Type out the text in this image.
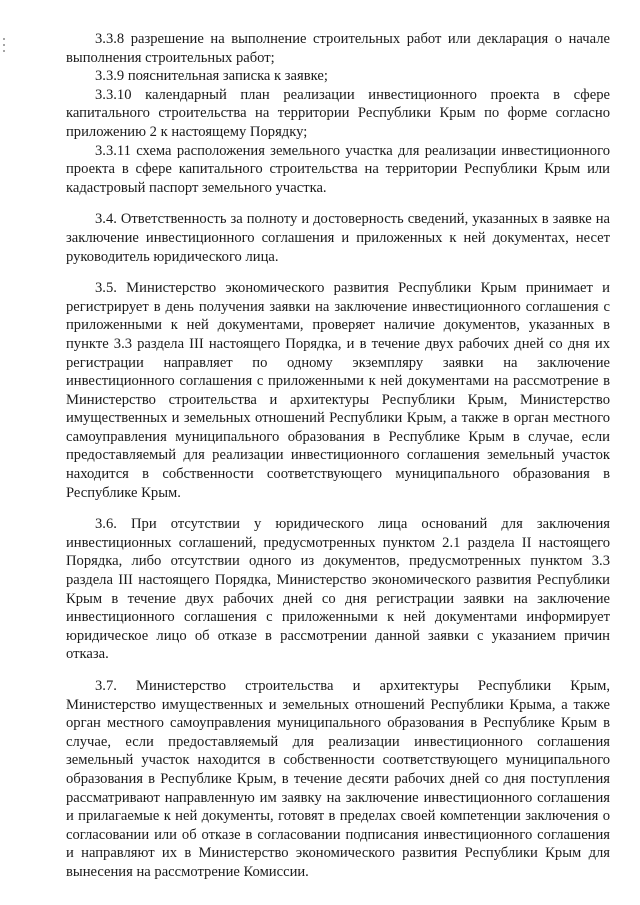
3.3.8 разрешение на выполнение строительных работ или декларация о начале выполнения строительных работ;

3.3.9 пояснительная записка к заявке;

3.3.10 календарный план реализации инвестиционного проекта в сфере капитального строительства на территории Республики Крым по форме согласно приложению 2 к настоящему Порядку;

3.3.11 схема расположения земельного участка для реализации инвестиционного проекта в сфере капитального строительства на территории Республики Крым или кадастровый паспорт земельного участка.

3.4. Ответственность за полноту и достоверность сведений, указанных в заявке на заключение инвестиционного соглашения и приложенных к ней документах, несет руководитель юридического лица.

3.5. Министерство экономического развития Республики Крым принимает и регистрирует в день получения заявки на заключение инвестиционного соглашения с приложенными к ней документами, проверяет наличие документов, указанных в пункте 3.3 раздела III настоящего Порядка, и в течение двух рабочих дней со дня их регистрации направляет по одному экземпляру заявки на заключение инвестиционного соглашения с приложенными к ней документами на рассмотрение в Министерство строительства и архитектуры Республики Крым, Министерство имущественных и земельных отношений Республики Крым, а также в орган местного самоуправления муниципального образования в Республике Крым в случае, если предоставляемый для реализации инвестиционного соглашения земельный участок находится в собственности соответствующего муниципального образования в Республике Крым.

3.6. При отсутствии у юридического лица оснований для заключения инвестиционных соглашений, предусмотренных пунктом 2.1 раздела II настоящего Порядка, либо отсутствии одного из документов, предусмотренных пунктом 3.3 раздела III настоящего Порядка, Министерство экономического развития Республики Крым в течение двух рабочих дней со дня регистрации заявки на заключение инвестиционного соглашения с приложенными к ней документами информирует юридическое лицо об отказе в рассмотрении данной заявки с указанием причин отказа.

3.7. Министерство строительства и архитектуры Республики Крым, Министерство имущественных и земельных отношений Республики Крыма, а также орган местного самоуправления муниципального образования в Республике Крым в случае, если предоставляемый для реализации инвестиционного соглашения земельный участок находится в собственности соответствующего муниципального образования в Республике Крым, в течение десяти рабочих дней со дня поступления рассматривают направленную им заявку на заключение инвестиционного соглашения и прилагаемые к ней документы, готовят в пределах своей компетенции заключения о согласовании или об отказе в согласовании подписания инвестиционного соглашения и направляют их в Министерство экономического развития Республики Крым для вынесения на рассмотрение Комиссии.
